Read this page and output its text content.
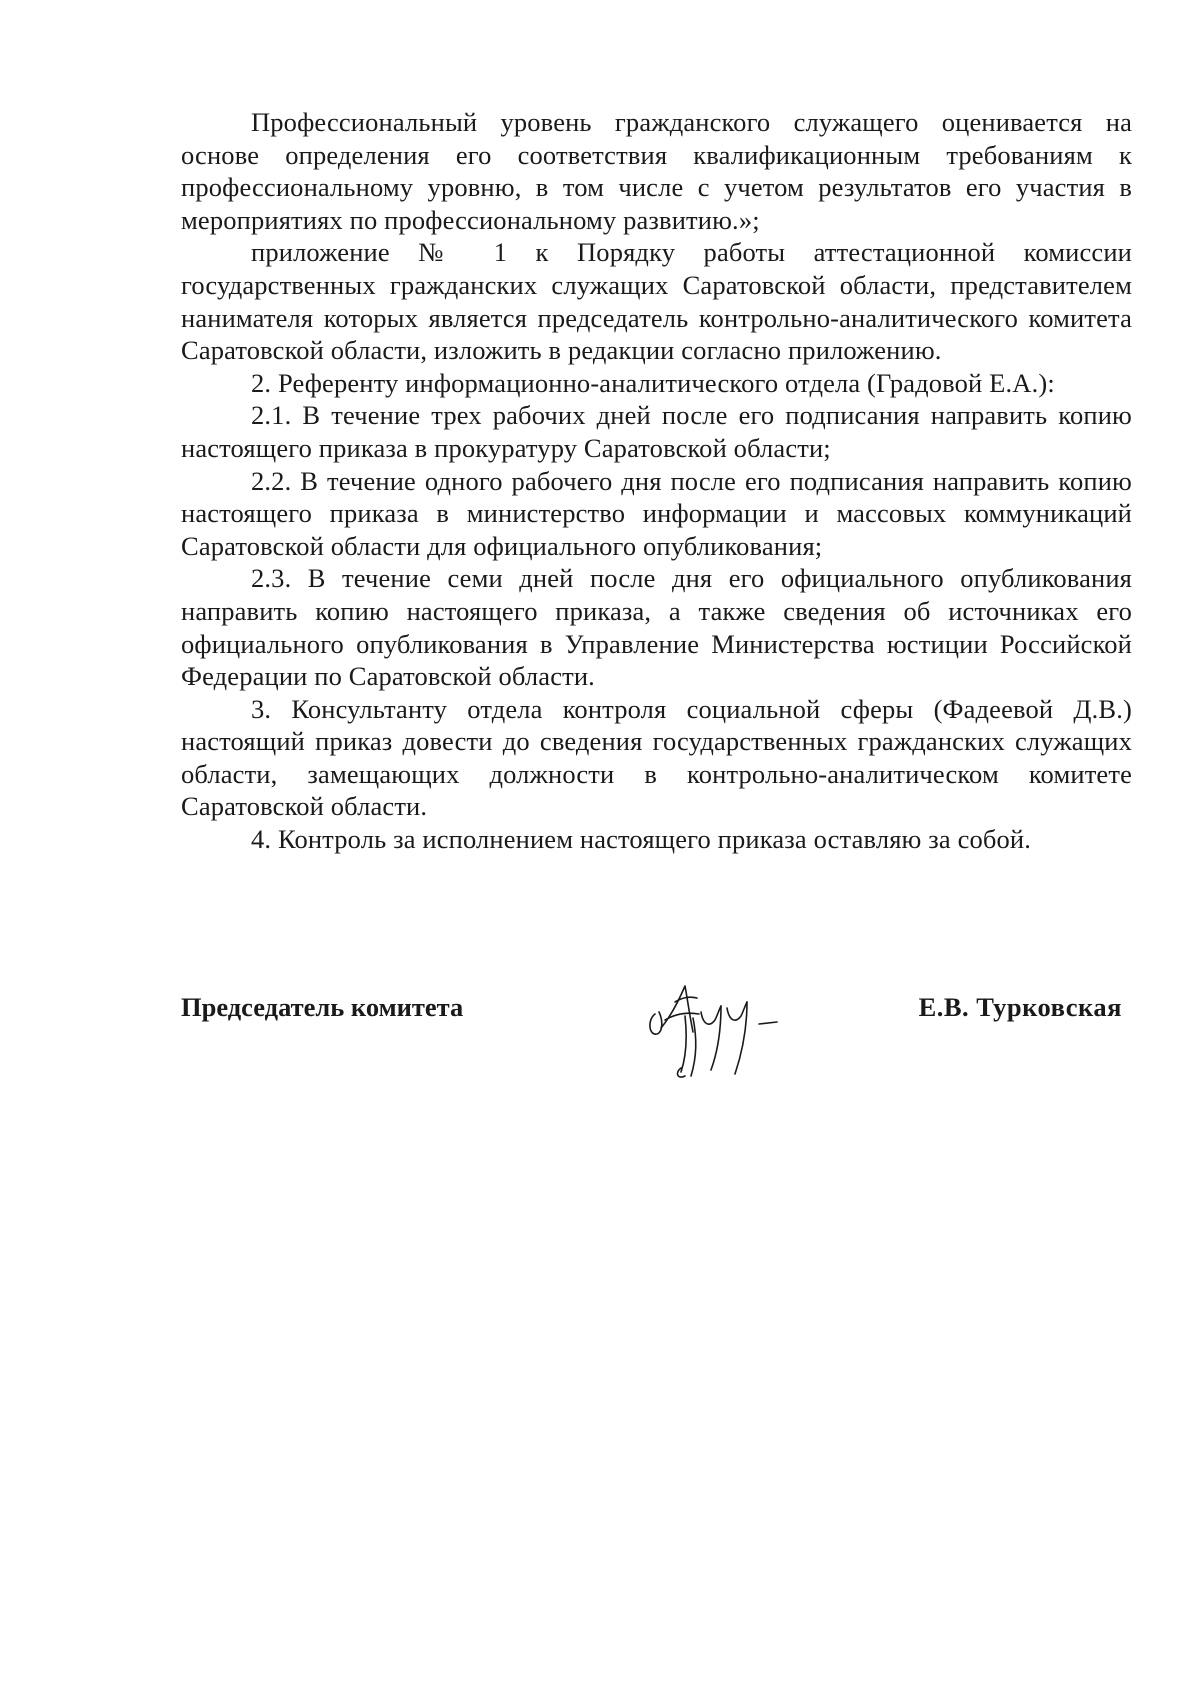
Профессиональный уровень гражданского служащего оценивается на основе определения его соответствия квалификационным требованиям к профессиональному уровню, в том числе с учетом результатов его участия в мероприятиях по профессиональному развитию.»;

приложение № 1 к Порядку работы аттестационной комиссии государственных гражданских служащих Саратовской области, представителем нанимателя которых является председатель контрольно-аналитического комитета Саратовской области, изложить в редакции согласно приложению.

2. Референту информационно-аналитического отдела (Градовой Е.А.):

2.1. В течение трех рабочих дней после его подписания направить копию настоящего приказа в прокуратуру Саратовской области;

2.2. В течение одного рабочего дня после его подписания направить копию настоящего приказа в министерство информации и массовых коммуникаций Саратовской области для официального опубликования;

2.3. В течение семи дней после дня его официального опубликования направить копию настоящего приказа, а также сведения об источниках его официального опубликования в Управление Министерства юстиции Российской Федерации по Саратовской области.

3. Консультанту отдела контроля социальной сферы (Фадеевой Д.В.) настоящий приказ довести до сведения государственных гражданских служащих области, замещающих должности в контрольно-аналитическом комитете Саратовской области.

4. Контроль за исполнением настоящего приказа оставляю за собой.

Председатель комитета	Е.В. Турковская
